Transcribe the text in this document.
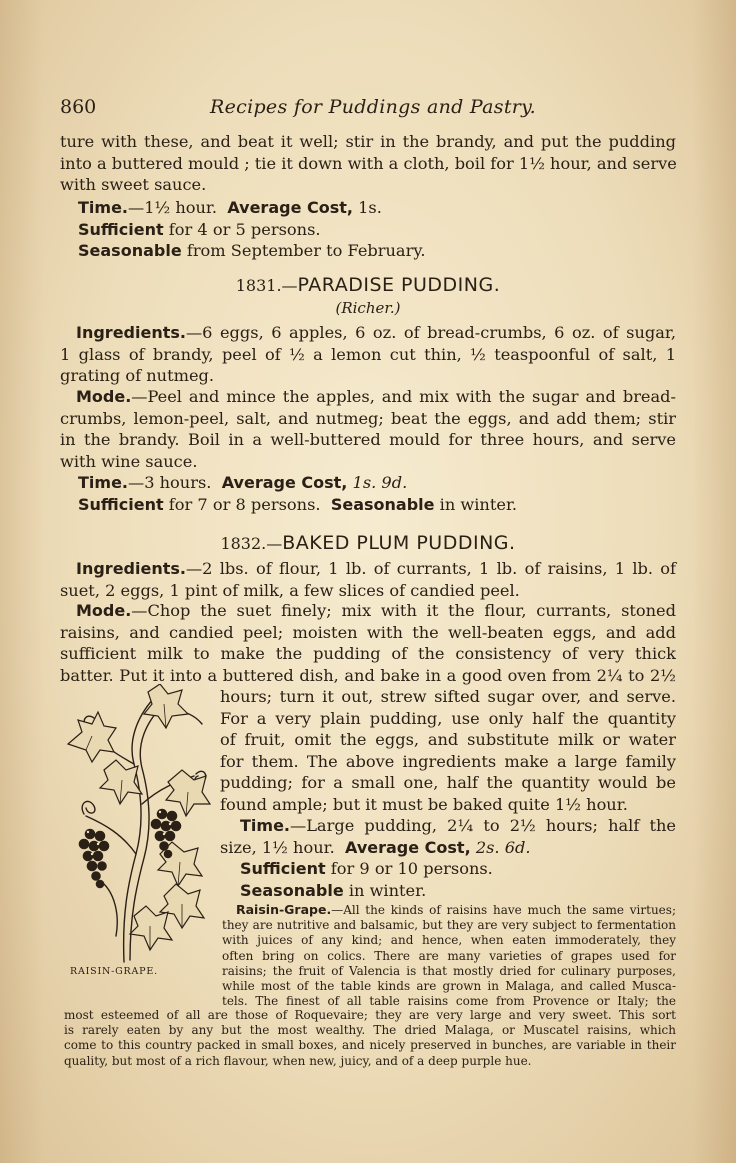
860	Recipes for Puddings and Pastry.
ture with these, and beat it well; stir in the brandy, and put the pudding
into a buttered mould ; tie it down with a cloth, boil for 1½ hour, and serve
with sweet sauce.
Time.—1½ hour. Average Cost, 1s.
Sufficient for 4 or 5 persons.
Seasonable from September to February.
1831.—PARADISE PUDDING.
(Richer.)
Ingredients.—6 eggs, 6 apples, 6 oz. of bread-crumbs, 6 oz. of sugar,
1 glass of brandy, peel of ½ a lemon cut thin, ½ teaspoonful of salt, 1
grating of nutmeg.
Mode.—Peel and mince the apples, and mix with the sugar and bread-
crumbs, lemon-peel, salt, and nutmeg; beat the eggs, and add them; stir
in the brandy. Boil in a well-buttered mould for three hours, and serve
with wine sauce.
Time.—3 hours. Average Cost, 1s. 9d.
Sufficient for 7 or 8 persons. Seasonable in winter.
1832.—BAKED PLUM PUDDING.
Ingredients.—2 lbs. of flour, 1 lb. of currants, 1 lb. of raisins, 1 lb. of
suet, 2 eggs, 1 pint of milk, a few slices of candied peel.
Mode.—Chop the suet finely; mix with it the flour, currants, stoned
raisins, and candied peel; moisten with the well-beaten eggs, and add
sufficient milk to make the pudding of the consistency of very thick
batter. Put it into a buttered dish, and bake in a good oven from 2¼ to 2½
hours; turn it out, strew sifted sugar over, and serve.
For a very plain pudding, use only half the quantity
of fruit, omit the eggs, and substitute milk or water
for them. The above ingredients make a large family
pudding; for a small one, half the quantity would be
found ample; but it must be baked quite 1½ hour.
Time.—Large pudding, 2¼ to 2½ hours; half the
size, 1½ hour. Average Cost, 2s. 6d.
Sufficient for 9 or 10 persons.
Seasonable in winter.
Raisin-Grape.—All the kinds of raisins have much the same virtues;
they are nutritive and balsamic, but they are very subject to fermentation
with juices of any kind; and hence, when eaten immoderately, they
often bring on colics. There are many varieties of grapes used for
raisins; the fruit of Valencia is that mostly dried for culinary purposes,
while most of the table kinds are grown in Malaga, and called Musca-
tels. The finest of all table raisins come from Provence or Italy; the
most esteemed of all are those of Roquevaire; they are very large and very sweet. This sort
is rarely eaten by any but the most wealthy. The dried Malaga, or Muscatel raisins, which
come to this country packed in small boxes, and nicely preserved in bunches, are variable in their
quality, but most of a rich flavour, when new, juicy, and of a deep purple hue.
RAISIN-GRAPE.
